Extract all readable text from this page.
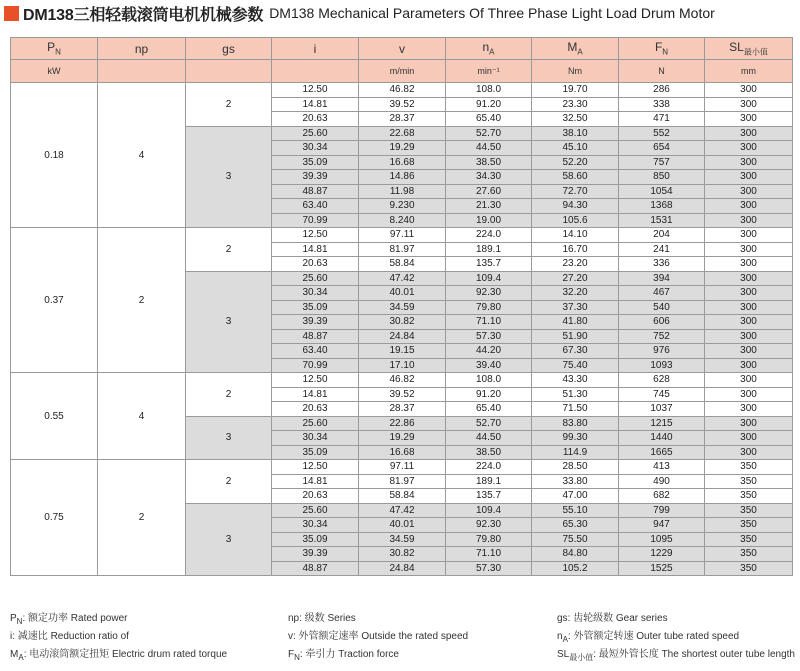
DM138三相轻载滚筒电机机械参数 DM138 Mechanical Parameters Of Three Phase Light Load Drum Motor
$P_N$	np	gs	i	v	$n_A$	$M_A$	$F_N$	$SL_{最小值}$
kW				m/min	min⁻¹	Nm	N	mm
0.18	4	2	12.50	46.82	108.0	19.70	286	300
			14.81	39.52	91.20	23.30	338	300
			20.63	28.37	65.40	32.50	471	300
		3	25.60	22.68	52.70	38.10	552	300
			30.34	19.29	44.50	45.10	654	300
			35.09	16.68	38.50	52.20	757	300
			39.39	14.86	34.30	58.60	850	300
			48.87	11.98	27.60	72.70	1054	300
			63.40	9.230	21.30	94.30	1368	300
			70.99	8.240	19.00	105.6	1531	300
0.37	2	2	12.50	97.11	224.0	14.10	204	300
			14.81	81.97	189.1	16.70	241	300
			20.63	58.84	135.7	23.20	336	300
		3	25.60	47.42	109.4	27.20	394	300
			30.34	40.01	92.30	32.20	467	300
			35.09	34.59	79.80	37.30	540	300
			39.39	30.82	71.10	41.80	606	300
			48.87	24.84	57.30	51.90	752	300
			63.40	19.15	44.20	67.30	976	300
			70.99	17.10	39.40	75.40	1093	300
0.55	4	2	12.50	46.82	108.0	43.30	628	300
			14.81	39.52	91.20	51.30	745	300
			20.63	28.37	65.40	71.50	1037	300
		3	25.60	22.86	52.70	83.80	1215	300
			30.34	19.29	44.50	99.30	1440	300
			35.09	16.68	38.50	114.9	1665	300
0.75	2	2	12.50	97.11	224.0	28.50	413	350
			14.81	81.97	189.1	33.80	490	350
			20.63	58.84	135.7	47.00	682	350
		3	25.60	47.42	109.4	55.10	799	350
			30.34	40.01	92.30	65.30	947	350
			35.09	34.59	79.80	75.50	1095	350
			39.39	30.82	71.10	84.80	1229	350
			48.87	24.84	57.30	105.2	1525	350
$P_N$: 额定功率 Rated power
i: 减速比 Reduction ratio of
$M_A$: 电动滚筒额定扭矩 Electric drum rated torque
np: 级数 Series
v: 外管额定速率 Outside the rated speed
$F_N$: 牵引力 Traction force
gs: 齿轮级数 Gear series
$n_A$: 外管额定转速 Outer tube rated speed
$SL_{最小值}$: 最短外管长度 The shortest outer tube length
